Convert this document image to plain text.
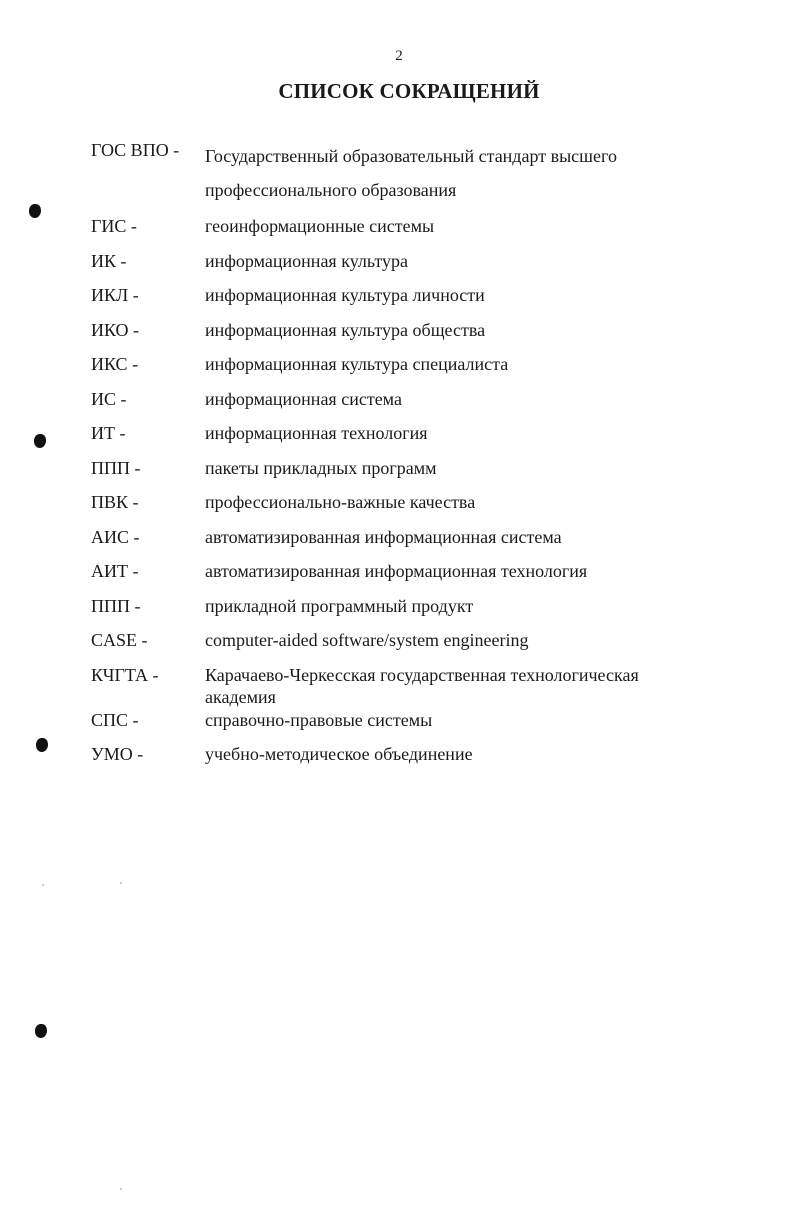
2
СПИСОК СОКРАЩЕНИЙ
ГОС ВПО - Государственный образовательный стандарт высшего профессионального образования
ГИС -	геоинформационные системы
ИК -	информационная культура
ИКЛ -	информационная культура личности
ИКО -	информационная культура общества
ИКС -	информационная культура специалиста
ИС -	информационная система
ИТ -	информационная технология
ППП -	пакеты прикладных программ
ПВК -	профессионально-важные качества
АИС -	автоматизированная информационная система
АИТ -	автоматизированная информационная технология
ППП -	прикладной программный продукт
CASE -	computer-aided software/system engineering
КЧГТА -	Карачаево-Черкесская государственная технологическая академия
СПС -	справочно-правовые системы
УМО -	учебно-методическое объединение
